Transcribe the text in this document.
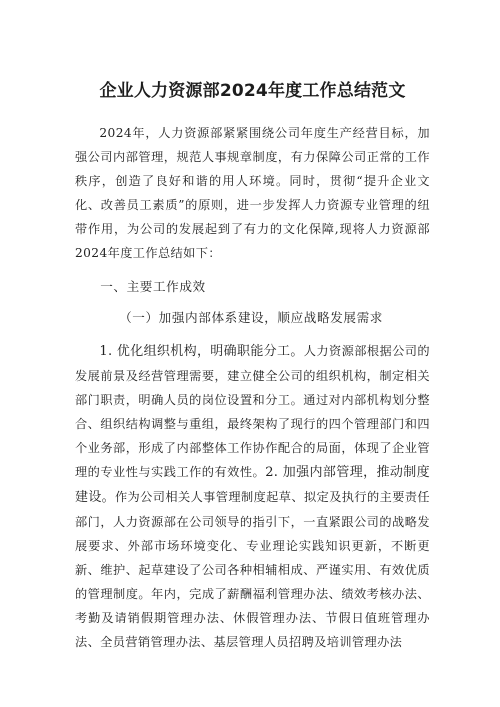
企业人力资源部2024年度工作总结范文

2024年，人力资源部紧紧围绕公司年度生产经营目标，加强公司内部管理，规范人事规章制度，有力保障公司正常的工作秩序，创造了良好和谐的用人环境。同时，贯彻“提升企业文化、改善员工素质”的原则，进一步发挥人力资源专业管理的纽带作用，为公司的发展起到了有力的文化保障,现将人力资源部2024年度工作总结如下：

一、主要工作成效
（一）加强内部体系建设，顺应战略发展需求

1. 优化组织机构，明确职能分工。人力资源部根据公司的发展前景及经营管理需要，建立健全公司的组织机构，制定相关部门职责，明确人员的岗位设置和分工。通过对内部机构划分整合、组织结构调整与重组，最终架构了现行的四个管理部门和四个业务部，形成了内部整体工作协作配合的局面，体现了企业管理的专业性与实践工作的有效性。2. 加强内部管理，推动制度建设。作为公司相关人事管理制度起草、拟定及执行的主要责任部门，人力资源部在公司领导的指引下，一直紧跟公司的战略发展要求、外部市场环境变化、专业理论实践知识更新，不断更新、维护、起草建设了公司各种相辅相成、严谨实用、有效优质的管理制度。年内，完成了薪酬福利管理办法、绩效考核办法、考勤及请销假期管理办法、休假管理办法、节假日值班管理办法、全员营销管理办法、基层管理人员招聘及培训管理办法
